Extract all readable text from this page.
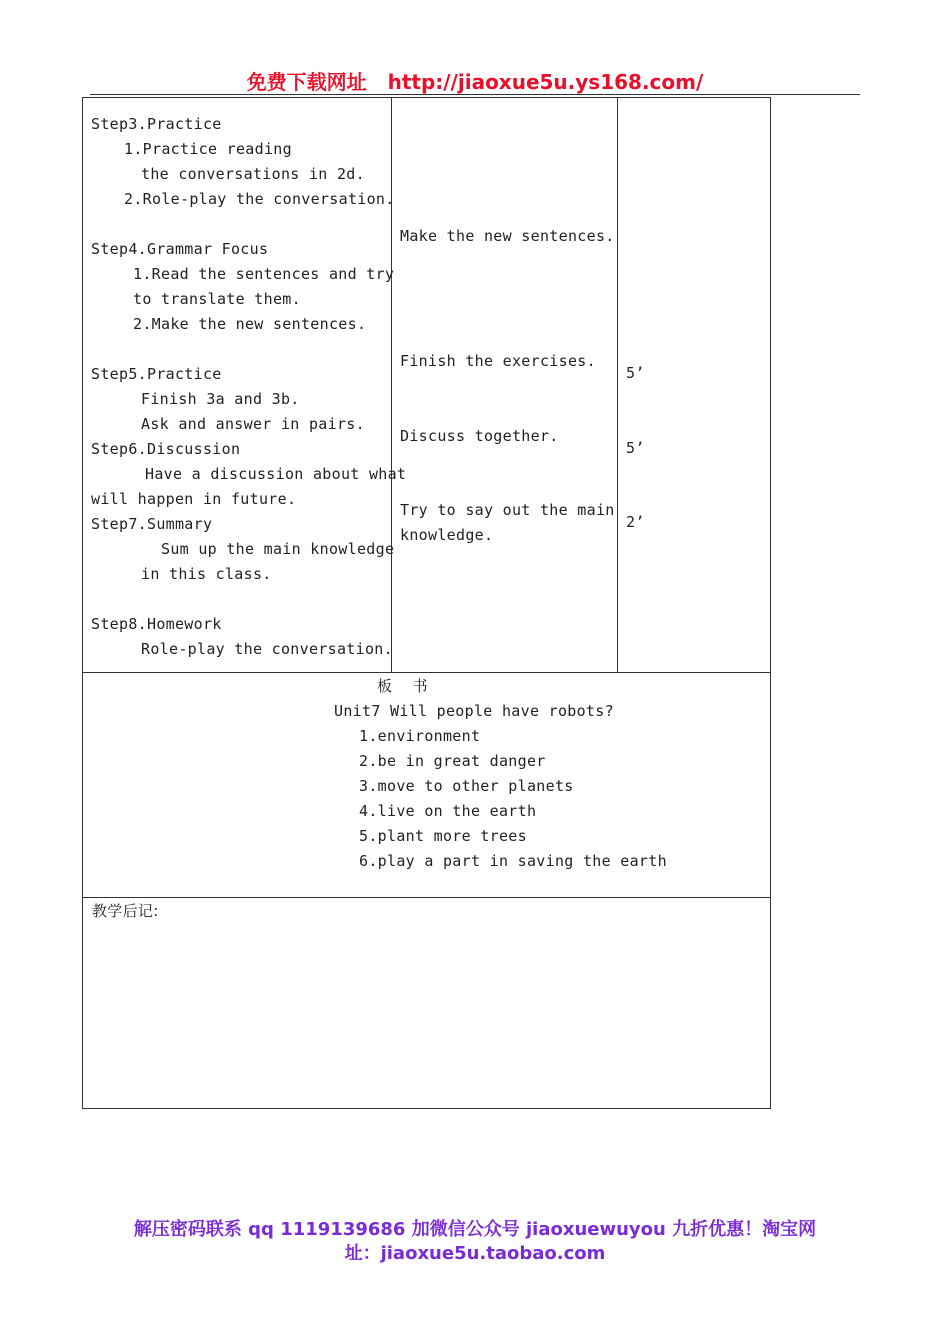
免费下载网址 http://jiaoxue5u.ys168.com/
Step3.Practice
1.Practice reading
the conversations in 2d.
2.Role-play the conversation.
Step4.Grammar Focus
1.Read the sentences and try
to translate them.
2.Make the new sentences.
Step5.Practice
Finish 3a and 3b.
Ask and answer in pairs.
Step6.Discussion
Have a discussion about what
will happen in future.
Step7.Summary
Sum up the main knowledge
in this class.
Step8.Homework
Role-play the conversation.
Make the new sentences.
Finish the exercises.
Discuss together.
Try to say out the main
knowledge.
5’
5’
2’
板    书
Unit7 Will people have robots?
1.environment
2.be in great danger
3.move to other planets
4.live on the earth
5.plant more trees
6.play a part in saving the earth
教学后记:
解压密码联系 qq 1119139686 加微信公众号 jiaoxuewuyou 九折优惠！淘宝网
址：jiaoxue5u.taobao.com
